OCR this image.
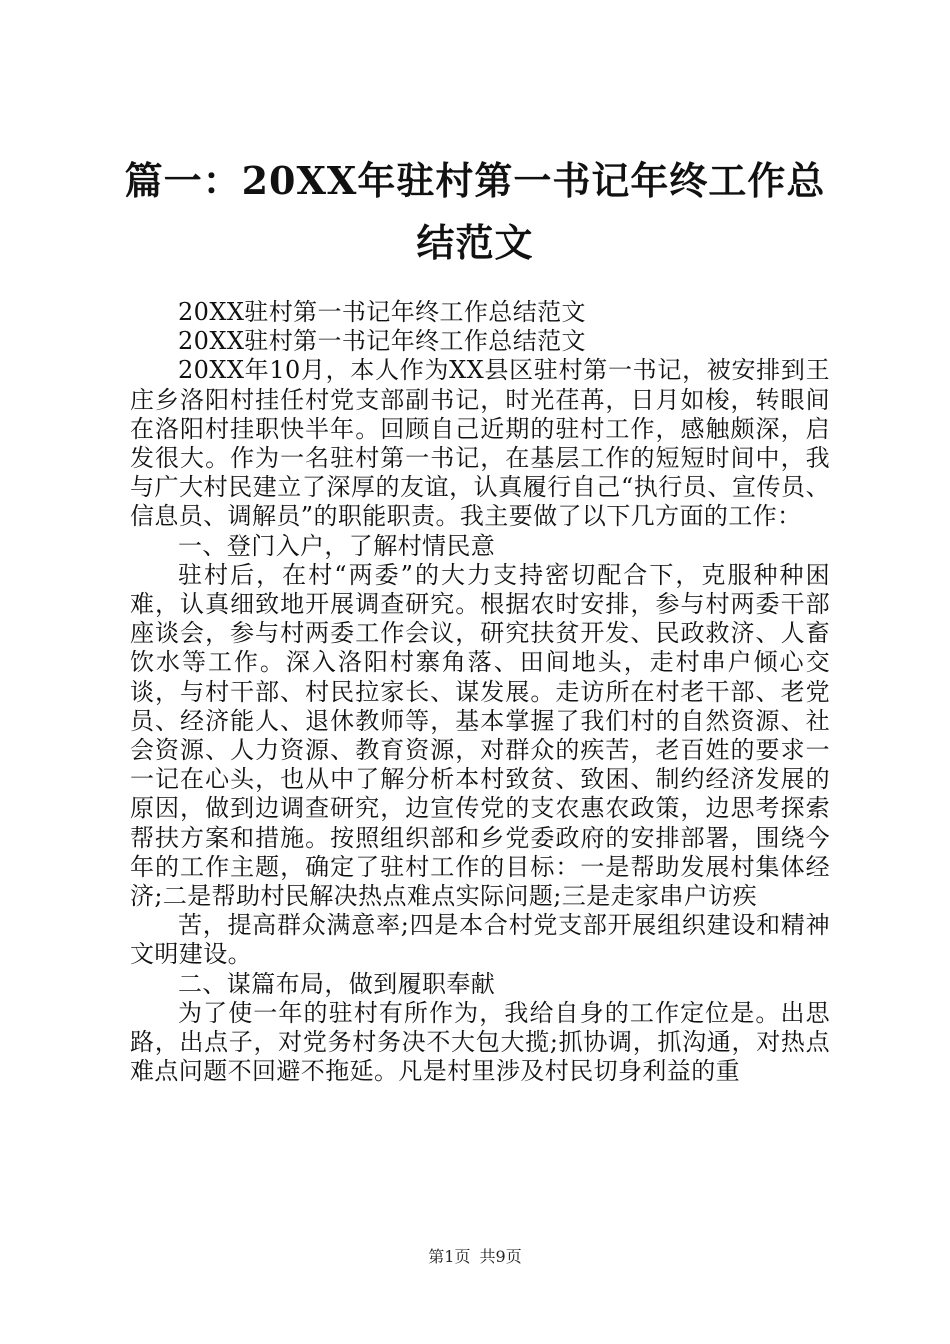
篇一：20XX年驻村第一书记年终工作总结范文

20XX驻村第一书记年终工作总结范文

20XX驻村第一书记年终工作总结范文

20XX年10月，本人作为XX县区驻村第一书记，被安排到王庄乡洛阳村挂任村党支部副书记，时光荏苒，日月如梭，转眼间在洛阳村挂职快半年。回顾自己近期的驻村工作，感触颇深，启发很大。作为一名驻村第一书记，在基层工作的短短时间中，我与广大村民建立了深厚的友谊，认真履行自己“执行员、宣传员、信息员、调解员”的职能职责。我主要做了以下几方面的工作：

一、登门入户，了解村情民意

驻村后，在村“两委”的大力支持密切配合下，克服种种困难，认真细致地开展调查研究。根据农时安排，参与村两委干部座谈会，参与村两委工作会议，研究扶贫开发、民政救济、人畜饮水等工作。深入洛阳村寨角落、田间地头，走村串户倾心交谈，与村干部、村民拉家长、谋发展。走访所在村老干部、老党员、经济能人、退休教师等，基本掌握了我们村的自然资源、社会资源、人力资源、教育资源，对群众的疾苦，老百姓的要求一一记在心头，也从中了解分析本村致贫、致困、制约经济发展的原因，做到边调查研究，边宣传党的支农惠农政策，边思考探索帮扶方案和措施。按照组织部和乡党委政府的安排部署，围绕今年的工作主题，确定了驻村工作的目标：一是帮助发展村集体经济;二是帮助村民解决热点难点实际问题;三是走家串户访疾

苦，提高群众满意率;四是本合村党支部开展组织建设和精神文明建设。

二、谋篇布局，做到履职奉献

为了使一年的驻村有所作为，我给自身的工作定位是。出思路，出点子，对党务村务决不大包大揽;抓协调，抓沟通，对热点难点问题不回避不拖延。凡是村里涉及村民切身利益的重

第1页 共9页
